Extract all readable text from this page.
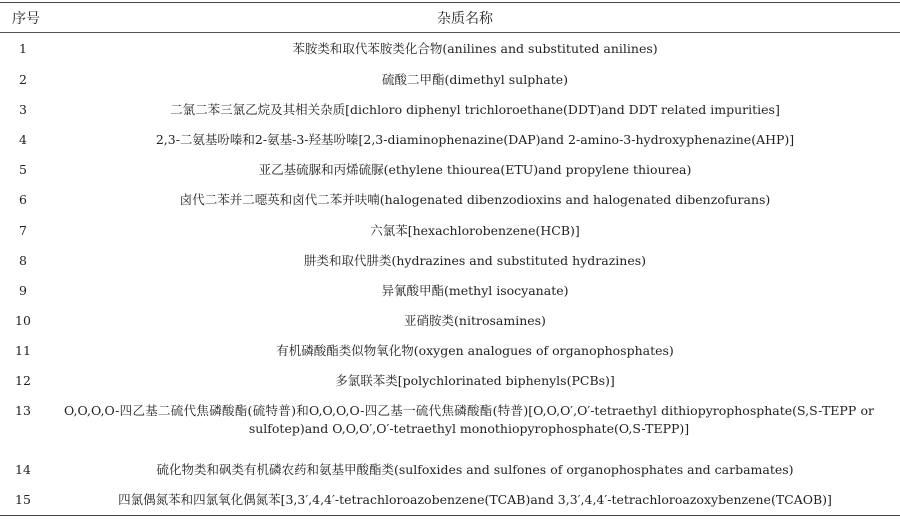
序号	杂质名称
1	苯胺类和取代苯胺类化合物(anilines and substituted anilines)
2	硫酸二甲酯(dimethyl sulphate)
3	二氯二苯三氯乙烷及其相关杂质[dichloro diphenyl trichloroethane(DDT)and DDT related impurities]
4	2,3-二氨基吩嗪和2-氨基-3-羟基吩嗪[2,3-diaminophenazine(DAP)and 2-amino-3-hydroxyphenazine(AHP)]
5	亚乙基硫脲和丙烯硫脲(ethylene thiourea(ETU)and propylene thiourea)
6	卤代二苯并二噁英和卤代二苯并呋喃(halogenated dibenzodioxins and halogenated dibenzofurans)
7	六氯苯[hexachlorobenzene(HCB)]
8	肼类和取代肼类(hydrazines and substituted hydrazines)
9	异氰酸甲酯(methyl isocyanate)
10	亚硝胺类(nitrosamines)
11	有机磷酸酯类似物氧化物(oxygen analogues of organophosphates)
12	多氯联苯类[polychlorinated biphenyls(PCBs)]
13	O,O,O,O-四乙基二硫代焦磷酸酯(硫特普)和O,O,O,O-四乙基一硫代焦磷酸酯(特普)[O,O,O′,O′-tetraethyl dithiopyrophosphate(S,S-TEPP or sulfotep)and O,O,O′,O′-tetraethyl monothiopyrophosphate(O,S-TEPP)]
14	硫化物类和砜类有机磷农药和氨基甲酸酯类(sulfoxides and sulfones of organophosphates and carbamates)
15	四氯偶氮苯和四氯氧化偶氮苯[3,3′,4,4′-tetrachloroazobenzene(TCAB)and 3,3′,4,4′-tetrachloroazoxybenzene(TCAOB)]
